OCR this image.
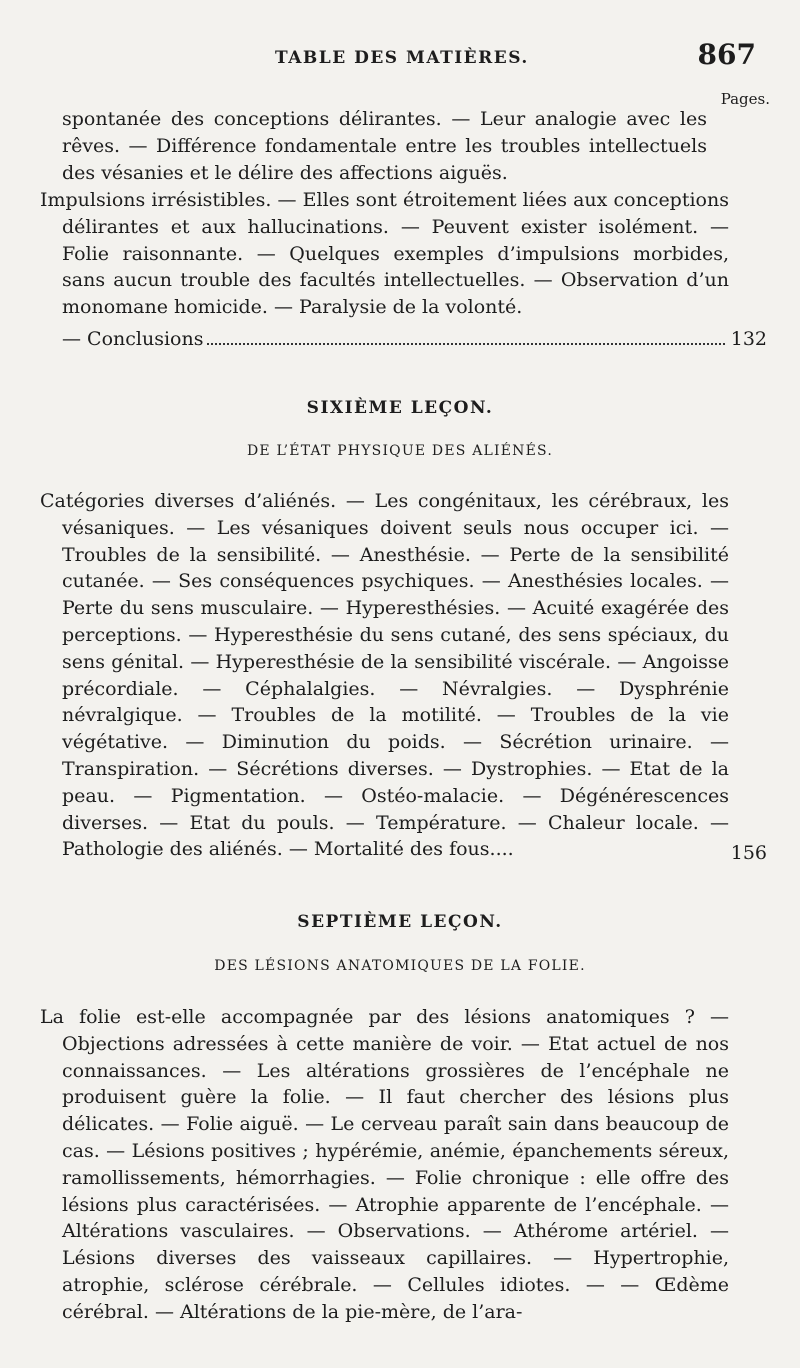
TABLE DES MATIÈRES.	867
Pages.
spontanée des conceptions délirantes. — Leur analogie avec les rêves. — Différence fondamentale entre les troubles intellectuels des vésanies et le délire des affections aiguës.
Impulsions irrésistibles. — Elles sont étroitement liées aux conceptions délirantes et aux hallucinations. — Peuvent exister isolément. — Folie raisonnante. — Quelques exemples d’impulsions morbides, sans aucun trouble des facultés intellectuelles. — Observation d’un monomane homicide. — Paralysie de la volonté.
— Conclusions	132
SIXIÈME LEÇON.
DE L’ÉTAT PHYSIQUE DES ALIÉNÉS.
Catégories diverses d’aliénés. — Les congénitaux, les cérébraux, les vésaniques. — Les vésaniques doivent seuls nous occuper ici. — Troubles de la sensibilité. — Anesthésie. — Perte de la sensibilité cutanée. — Ses conséquences psychiques. — Anesthésies locales. — Perte du sens musculaire. — Hyperesthésies. — Acuité exagérée des perceptions. — Hyperesthésie du sens cutané, des sens spéciaux, du sens génital. — Hyperesthésie de la sensibilité viscérale. — Angoisse précordiale. — Céphalalgies. — Névralgies. — Dysphrénie névralgique. — Troubles de la motilité. — Troubles de la vie végétative. — Diminution du poids. — Sécrétion urinaire. — Transpiration. — Sécrétions diverses. — Dystrophies. — Etat de la peau. — Pigmentation. — Ostéo-malacie. — Dégénérescences diverses. — Etat du pouls. — Température. — Chaleur locale. — Pathologie des aliénés. — Mortalité des fous....	156
SEPTIÈME LEÇON.
DES LÉSIONS ANATOMIQUES DE LA FOLIE.
La folie est-elle accompagnée par des lésions anatomiques ? — Objections adressées à cette manière de voir. — Etat actuel de nos connaissances. — Les altérations grossières de l’encéphale ne produisent guère la folie. — Il faut chercher des lésions plus délicates. — Folie aiguë. — Le cerveau paraît sain dans beaucoup de cas. — Lésions positives ; hypérémie, anémie, épanchements séreux, ramollissements, hémorrhagies. — Folie chronique : elle offre des lésions plus caractérisées. — Atrophie apparente de l’encéphale. — Altérations vasculaires. — Observations. — Athérome artériel. — Lésions diverses des vaisseaux capillaires. — Hypertrophie, atrophie, sclérose cérébrale. — Cellules idiotes. — — Œdème cérébral. — Altérations de la pie-mère, de l’ara-
